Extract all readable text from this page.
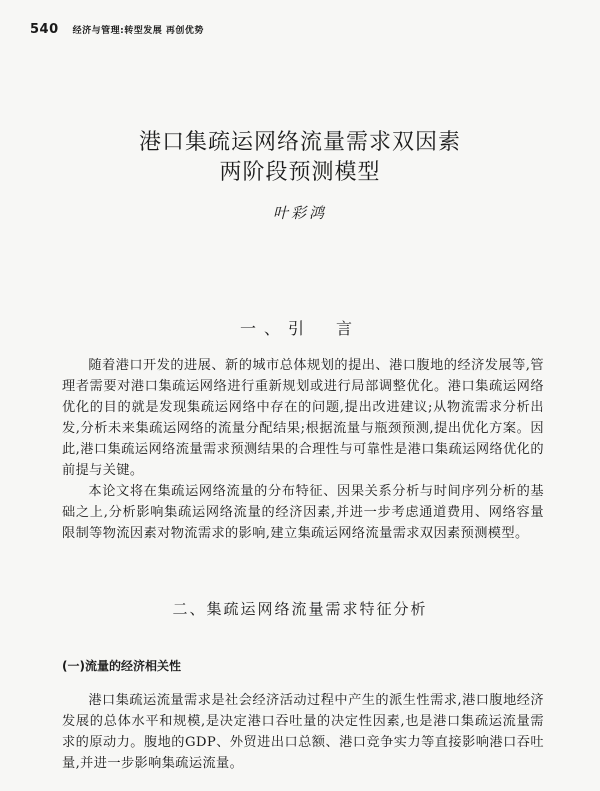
540 经济与管理:转型发展 再创优势
港口集疏运网络流量需求双因素
两阶段预测模型
叶彩鸿
一、引　言

随着港口开发的进展、新的城市总体规划的提出、港口腹地的经济发展等,管理者需要对港口集疏运网络进行重新规划或进行局部调整优化。港口集疏运网络优化的目的就是发现集疏运网络中存在的问题,提出改进建议;从物流需求分析出发,分析未来集疏运网络的流量分配结果;根据流量与瓶颈预测,提出优化方案。因此,港口集疏运网络流量需求预测结果的合理性与可靠性是港口集疏运网络优化的前提与关键。

本论文将在集疏运网络流量的分布特征、因果关系分析与时间序列分析的基础之上,分析影响集疏运网络流量的经济因素,并进一步考虑通道费用、网络容量限制等物流因素对物流需求的影响,建立集疏运网络流量需求双因素预测模型。

二、集疏运网络流量需求特征分析
(一)流量的经济相关性

港口集疏运流量需求是社会经济活动过程中产生的派生性需求,港口腹地经济发展的总体水平和规模,是决定港口吞吐量的决定性因素,也是港口集疏运流量需求的原动力。腹地的GDP、外贸进出口总额、港口竞争实力等直接影响港口吞吐量,并进一步影响集疏运流量。
